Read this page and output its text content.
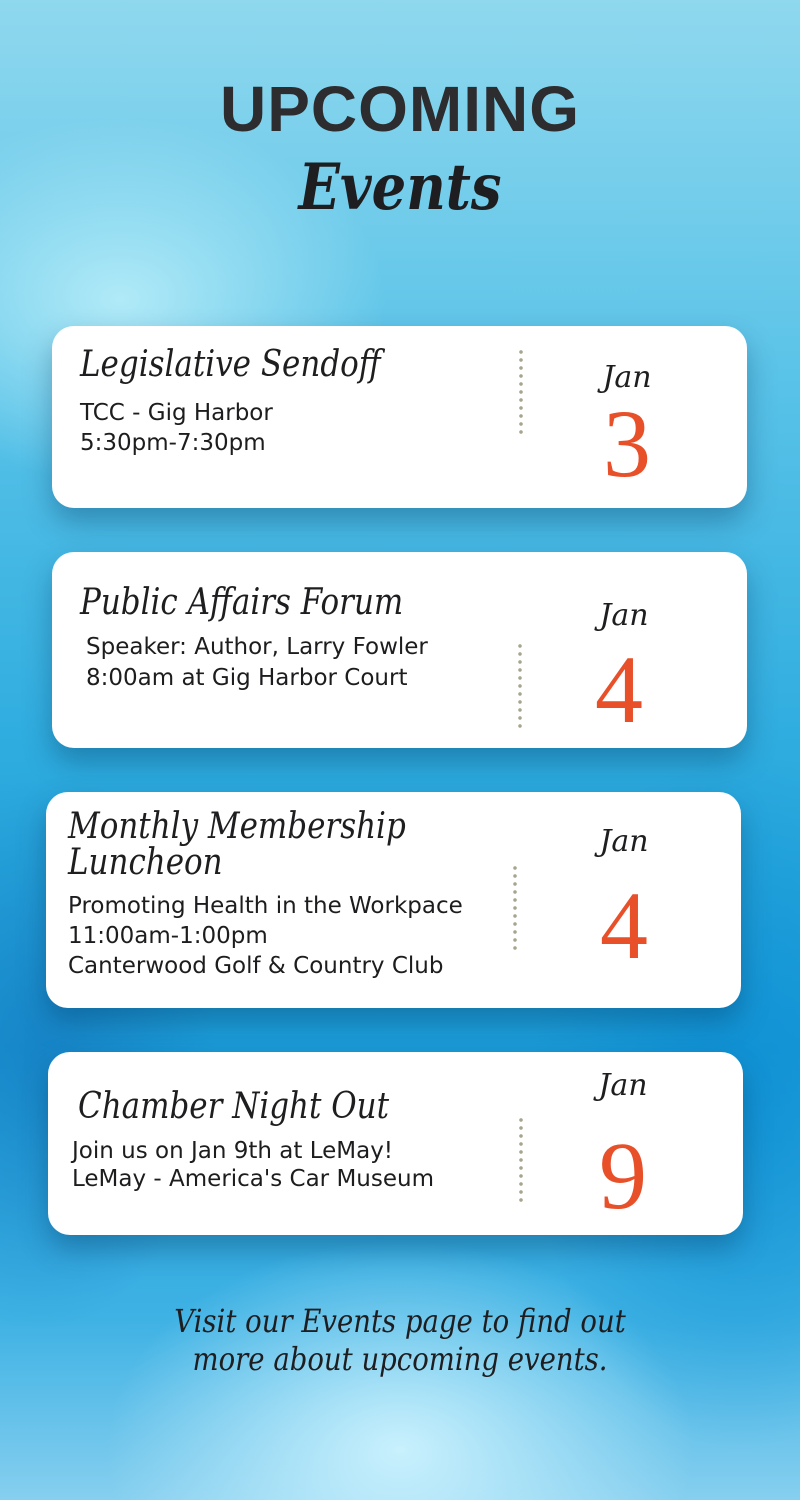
UPCOMING
Events
Legislative Sendoff
TCC - Gig Harbor
5:30pm-7:30pm
Jan
3
Public Affairs Forum
Speaker: Author, Larry Fowler
8:00am at Gig Harbor Court
Jan
4
Monthly Membership
Luncheon
Promoting Health in the Workpace
11:00am-1:00pm
Canterwood Golf & Country Club
Jan
4
Chamber Night Out
Join us on Jan 9th at LeMay!
LeMay - America's Car Museum
Jan
9
Visit our Events page to find out
more about upcoming events.
